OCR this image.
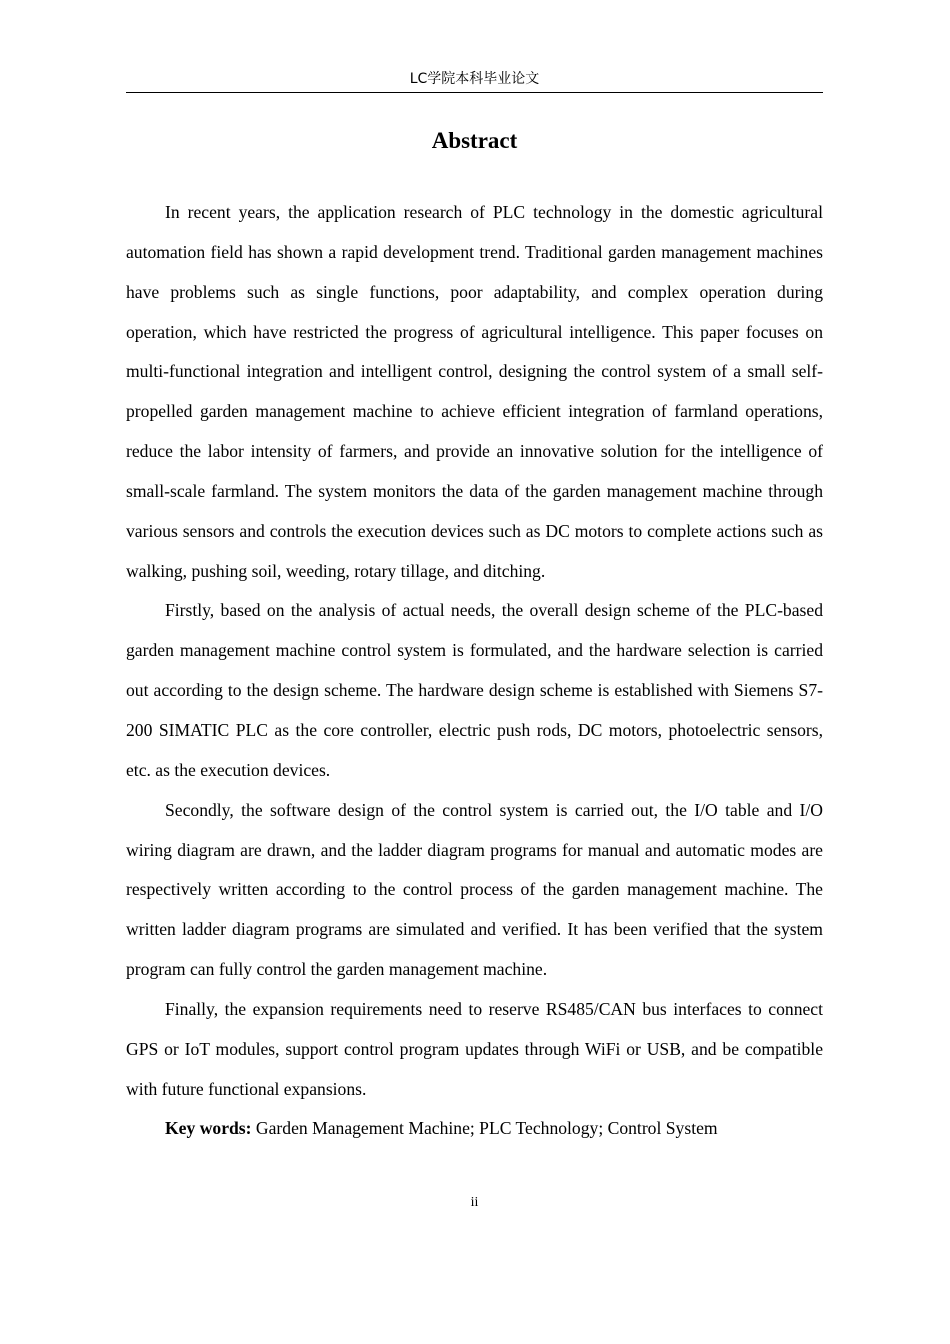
LC学院本科毕业论文
Abstract

In recent years, the application research of PLC technology in the domestic agricultural automation field has shown a rapid development trend. Traditional garden management machines have problems such as single functions, poor adaptability, and complex operation during operation, which have restricted the progress of agricultural intelligence. This paper focuses on multi-functional integration and intelligent control, designing the control system of a small self-propelled garden management machine to achieve efficient integration of farmland operations, reduce the labor intensity of farmers, and provide an innovative solution for the intelligence of small-scale farmland. The system monitors the data of the garden management machine through various sensors and controls the execution devices such as DC motors to complete actions such as walking, pushing soil, weeding, rotary tillage, and ditching.

Firstly, based on the analysis of actual needs, the overall design scheme of the PLC-based garden management machine control system is formulated, and the hardware selection is carried out according to the design scheme. The hardware design scheme is established with Siemens S7-200 SIMATIC PLC as the core controller, electric push rods, DC motors, photoelectric sensors, etc. as the execution devices.

Secondly, the software design of the control system is carried out, the I/O table and I/O wiring diagram are drawn, and the ladder diagram programs for manual and automatic modes are respectively written according to the control process of the garden management machine. The written ladder diagram programs are simulated and verified. It has been verified that the system program can fully control the garden management machine.

Finally, the expansion requirements need to reserve RS485/CAN bus interfaces to connect GPS or IoT modules, support control program updates through WiFi or USB, and be compatible with future functional expansions.

Key words: Garden Management Machine; PLC Technology; Control System

ii
